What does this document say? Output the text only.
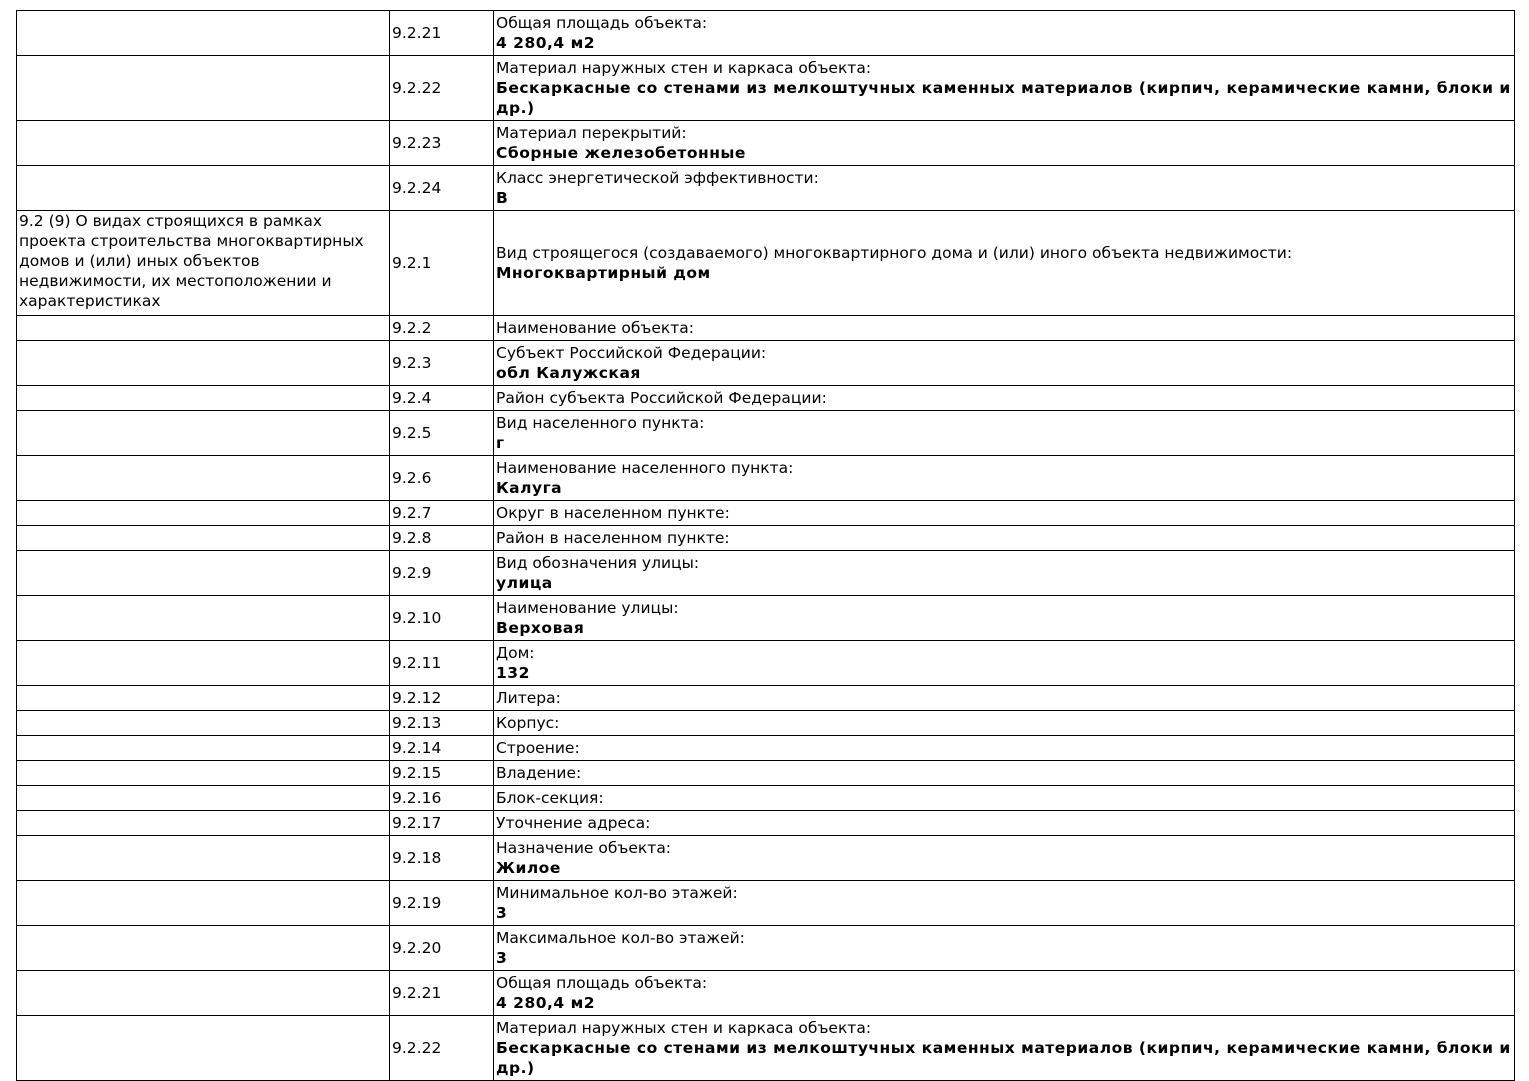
	9.2.21	Общая площадь объекта:
4 280,4 м2

	9.2.22	Материал наружных стен и каркаса объекта:
Бескаркасные со стенами из мелкоштучных каменных материалов (кирпич, керамические камни, блоки и др.)

	9.2.23	Материал перекрытий:
Сборные железобетонные

	9.2.24	Класс энергетической эффективности:
В

9.2 (9) О видах строящихся в рамках проекта строительства многоквартирных домов и (или) иных объектов недвижимости, их местоположении и характеристиках	9.2.1	Вид строящегося (создаваемого) многоквартирного дома и (или) иного объекта недвижимости:
Многоквартирный дом

	9.2.2	Наименование объекта:

	9.2.3	Субъект Российской Федерации:
обл Калужская

	9.2.4	Район субъекта Российской Федерации:

	9.2.5	Вид населенного пункта:
г

	9.2.6	Наименование населенного пункта:
Калуга

	9.2.7	Округ в населенном пункте:

	9.2.8	Район в населенном пункте:

	9.2.9	Вид обозначения улицы:
улица

	9.2.10	Наименование улицы:
Верховая

	9.2.11	Дом:
132

	9.2.12	Литера:

	9.2.13	Корпус:

	9.2.14	Строение:

	9.2.15	Владение:

	9.2.16	Блок-секция:

	9.2.17	Уточнение адреса:

	9.2.18	Назначение объекта:
Жилое

	9.2.19	Минимальное кол-во этажей:
3

	9.2.20	Максимальное кол-во этажей:
3

	9.2.21	Общая площадь объекта:
4 280,4 м2

	9.2.22	Материал наружных стен и каркаса объекта:
Бескаркасные со стенами из мелкоштучных каменных материалов (кирпич, керамические камни, блоки и др.)
